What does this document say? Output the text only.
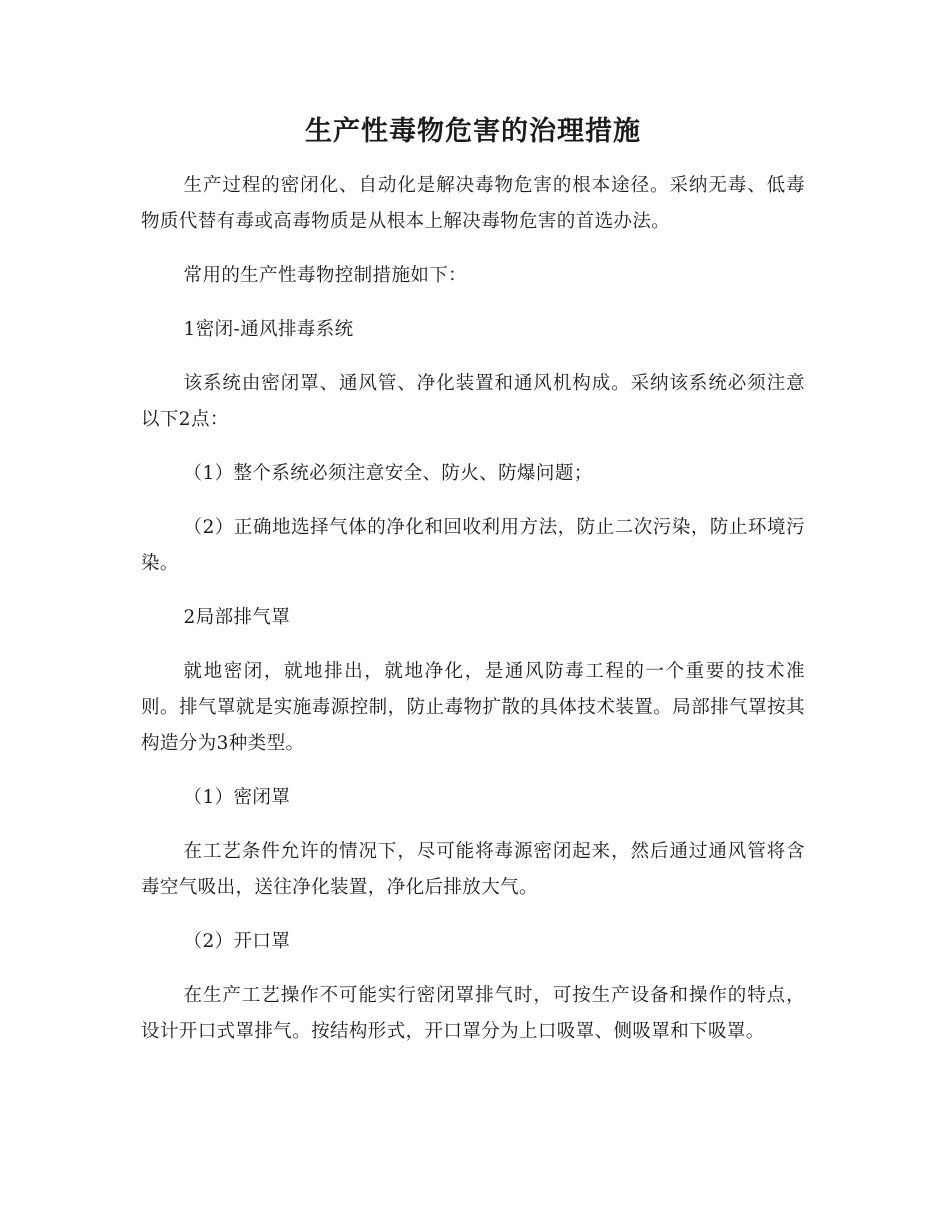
生产性毒物危害的治理措施

生产过程的密闭化、自动化是解决毒物危害的根本途径。采纳无毒、低毒物质代替有毒或高毒物质是从根本上解决毒物危害的首选办法。

常用的生产性毒物控制措施如下：

1密闭-通风排毒系统

该系统由密闭罩、通风管、净化装置和通风机构成。采纳该系统必须注意以下2点：

（1）整个系统必须注意安全、防火、防爆问题；

（2）正确地选择气体的净化和回收利用方法，防止二次污染，防止环境污染。

2局部排气罩

就地密闭，就地排出，就地净化，是通风防毒工程的一个重要的技术准则。排气罩就是实施毒源控制，防止毒物扩散的具体技术装置。局部排气罩按其构造分为3种类型。

（1）密闭罩

在工艺条件允许的情况下，尽可能将毒源密闭起来，然后通过通风管将含毒空气吸出，送往净化装置，净化后排放大气。

（2）开口罩

在生产工艺操作不可能实行密闭罩排气时，可按生产设备和操作的特点，设计开口式罩排气。按结构形式，开口罩分为上口吸罩、侧吸罩和下吸罩。
